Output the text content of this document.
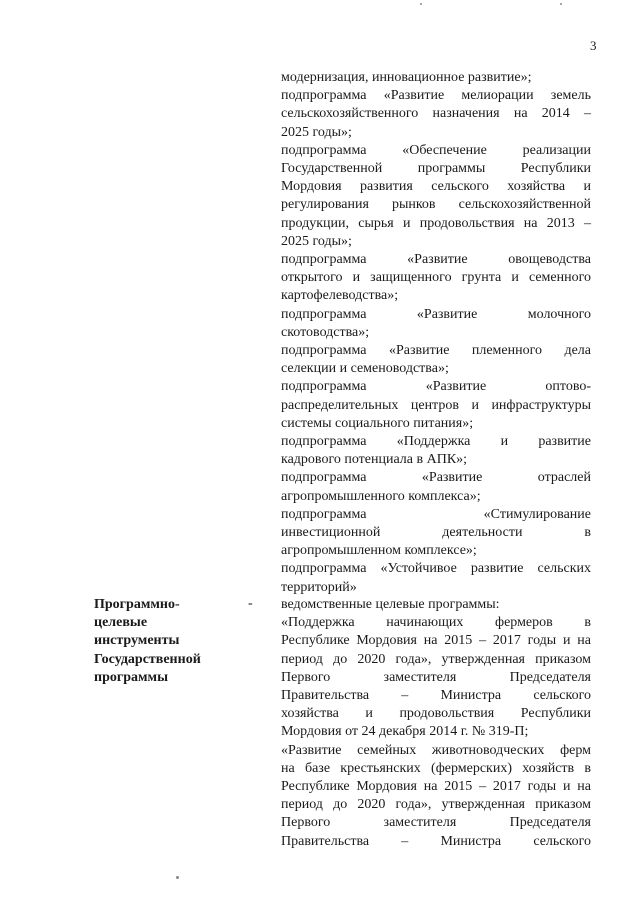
3
модернизация, инновационное развитие»;
подпрограмма «Развитие мелиорации земель
сельскохозяйственного назначения на 2014 –
2025 годы»;
подпрограмма «Обеспечение реализации
Государственной программы Республики
Мордовия развития сельского хозяйства и
регулирования рынков сельскохозяйственной
продукции, сырья и продовольствия на 2013 –
2025 годы»;
подпрограмма «Развитие овощеводства
открытого и защищенного грунта и семенного
картофелеводства»;
подпрограмма «Развитие молочного
скотоводства»;
подпрограмма «Развитие племенного дела
селекции и семеноводства»;
подпрограмма «Развитие оптово-
распределительных центров и инфраструктуры
системы социального питания»;
подпрограмма «Поддержка и развитие
кадрового потенциала в АПК»;
подпрограмма «Развитие отраслей
агропромышленного комплекса»;
подпрограмма «Стимулирование
инвестиционной деятельности в
агропромышленном комплексе»;
подпрограмма «Устойчивое развитие сельских
территорий»
Программно-
целевые
инструменты
Государственной
программы
- ведомственные целевые программы:
«Поддержка начинающих фермеров в
Республике Мордовия на 2015 – 2017 годы и на
период до 2020 года», утвержденная приказом
Первого заместителя Председателя
Правительства – Министра сельского
хозяйства и продовольствия Республики
Мордовия от 24 декабря 2014 г. № 319-П;
«Развитие семейных животноводческих ферм
на базе крестьянских (фермерских) хозяйств в
Республике Мордовия на 2015 – 2017 годы и на
период до 2020 года», утвержденная приказом
Первого заместителя Председателя
Правительства – Министра сельского
